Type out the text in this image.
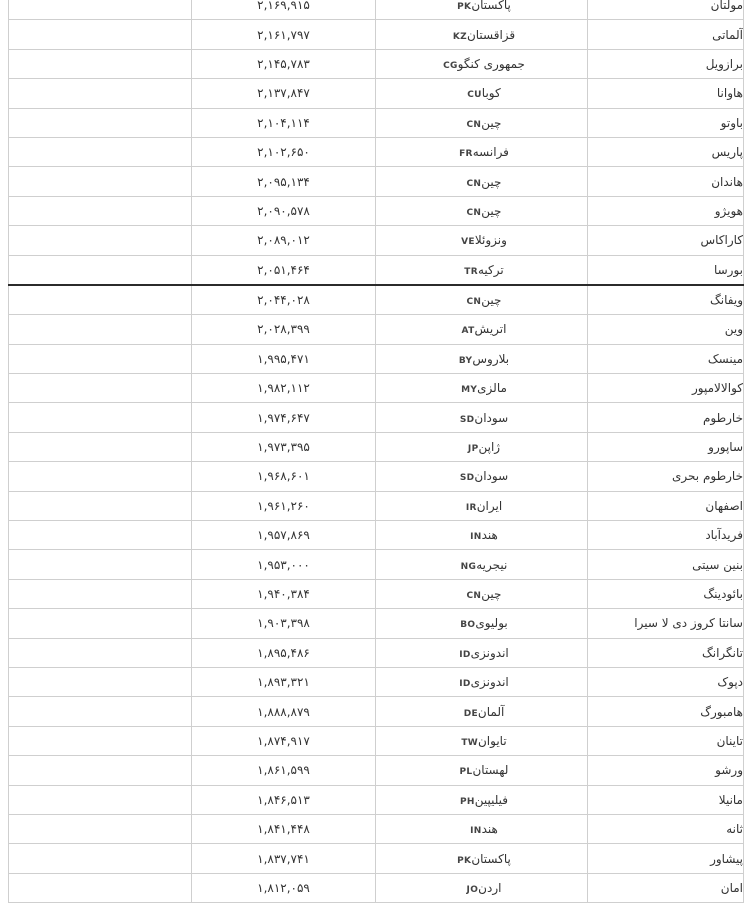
	۲,۱۶۹,۹۱۵	پاکستانPK	مولتان
	۲,۱۶۱,۷۹۷	قزاقستانKZ	آلماتی
	۲,۱۴۵,۷۸۳	جمهوری کنگوCG	برازویل
	۲,۱۳۷,۸۴۷	کوباCU	هاوانا
	۲,۱۰۴,۱۱۴	چینCN	باوتو
	۲,۱۰۲,۶۵۰	فرانسهFR	پاریس
	۲,۰۹۵,۱۳۴	چینCN	هاندان
	۲,۰۹۰,۵۷۸	چینCN	هویژو
	۲,۰۸۹,۰۱۲	ونزوئلاVE	کاراکاس
	۲,۰۵۱,۴۶۴	ترکیهTR	بورسا
	۲,۰۴۴,۰۲۸	چینCN	ویفانگ
	۲,۰۲۸,۳۹۹	اتریشAT	وین
	۱,۹۹۵,۴۷۱	بلاروسBY	مینسک
	۱,۹۸۲,۱۱۲	مالزیMY	کوالالامپور
	۱,۹۷۴,۶۴۷	سودانSD	خارطوم
	۱,۹۷۳,۳۹۵	ژاپنJP	ساپورو
	۱,۹۶۸,۶۰۱	سودانSD	خارطوم بحری
	۱,۹۶۱,۲۶۰	ایرانIR	اصفهان
	۱,۹۵۷,۸۶۹	هندIN	فریدآباد
	۱,۹۵۳,۰۰۰	نیجریهNG	بنین سیتی
	۱,۹۴۰,۳۸۴	چینCN	بائودینگ
	۱,۹۰۳,۳۹۸	بولیویBO	سانتا کروز دی لا سیرا
	۱,۸۹۵,۴۸۶	اندونزیID	تانگرانگ
	۱,۸۹۳,۳۲۱	اندونزیID	دپوک
	۱,۸۸۸,۸۷۹	آلمانDE	هامبورگ
	۱,۸۷۴,۹۱۷	تایوانTW	تاینان
	۱,۸۶۱,۵۹۹	لهستانPL	ورشو
	۱,۸۴۶,۵۱۳	فیلیپینPH	مانیلا
	۱,۸۴۱,۴۴۸	هندIN	ثانه
	۱,۸۳۷,۷۴۱	پاکستانPK	پیشاور
	۱,۸۱۲,۰۵۹	اردنJO	امان
